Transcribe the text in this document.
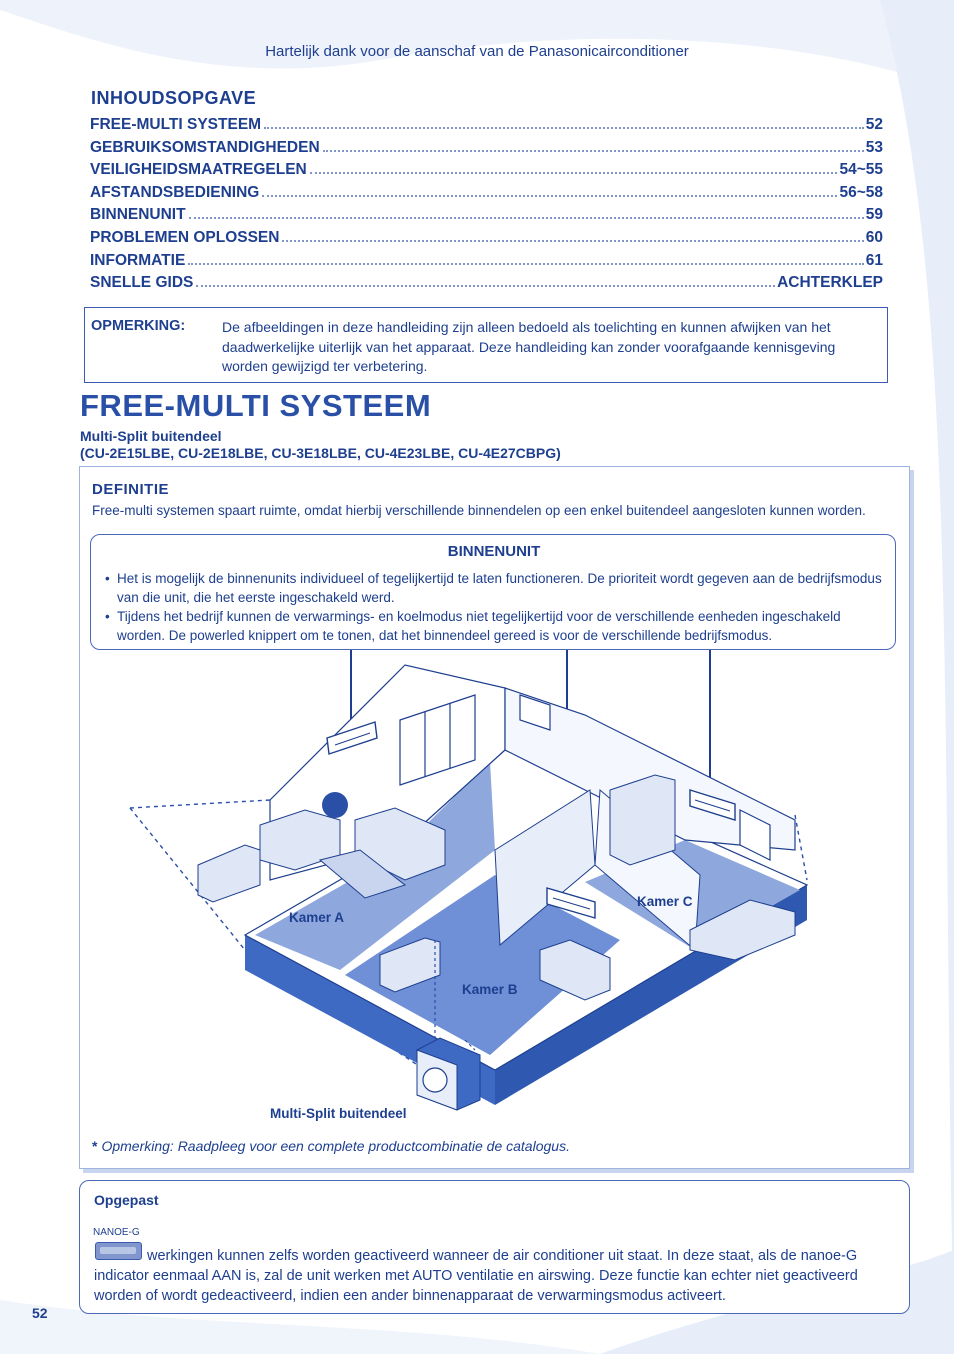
Hartelijk dank voor de aanschaf van de Panasonicairconditioner
INHOUDSOPGAVE
FREE-MULTI SYSTEEM	52
GEBRUIKSOMSTANDIGHEDEN	53
VEILIGHEIDSMAATREGELEN	54~55
AFSTANDSBEDIENING	56~58
BINNENUNIT	59
PROBLEMEN OPLOSSEN	60
INFORMATIE	61
SNELLE GIDS	ACHTERKLEP
OPMERKING:	De afbeeldingen in deze handleiding zijn alleen bedoeld als toelichting en kunnen afwijken van het daadwerkelijke uiterlijk van het apparaat. Deze handleiding kan zonder voorafgaande kennisgeving worden gewijzigd ter verbetering.
FREE-MULTI SYSTEEM
Multi-Split buitendeel
(CU-2E15LBE, CU-2E18LBE, CU-3E18LBE, CU-4E23LBE, CU-4E27CBPG)
DEFINITIE
Free-multi systemen spaart ruimte, omdat hierbij verschillende binnendelen op een enkel buitendeel aangesloten kunnen worden.
BINNENUNIT
• Het is mogelijk de binnenunits individueel of tegelijkertijd te laten functioneren. De prioriteit wordt gegeven aan de bedrijfsmodus van die unit, die het eerste ingeschakeld werd.
• Tijdens het bedrijf kunnen de verwarmings- en koelmodus niet tegelijkertijd voor de verschillende eenheden ingeschakeld worden. De powerled knippert om te tonen, dat het binnendeel gereed is voor de verschillende bedrijfsmodus.
Kamer A
Kamer B
Kamer C
Multi-Split buitendeel
* Opmerking: Raadpleeg voor een complete productcombinatie de catalogus.
Opgepast
NANOE-G
werkingen kunnen zelfs worden geactiveerd wanneer de air conditioner uit staat. In deze staat, als de nanoe-G indicator eenmaal AAN is, zal de unit werken met AUTO ventilatie en airswing. Deze functie kan echter niet geactiveerd worden of wordt gedeactiveerd, indien een ander binnenapparaat de verwarmingsmodus activeert.
52
